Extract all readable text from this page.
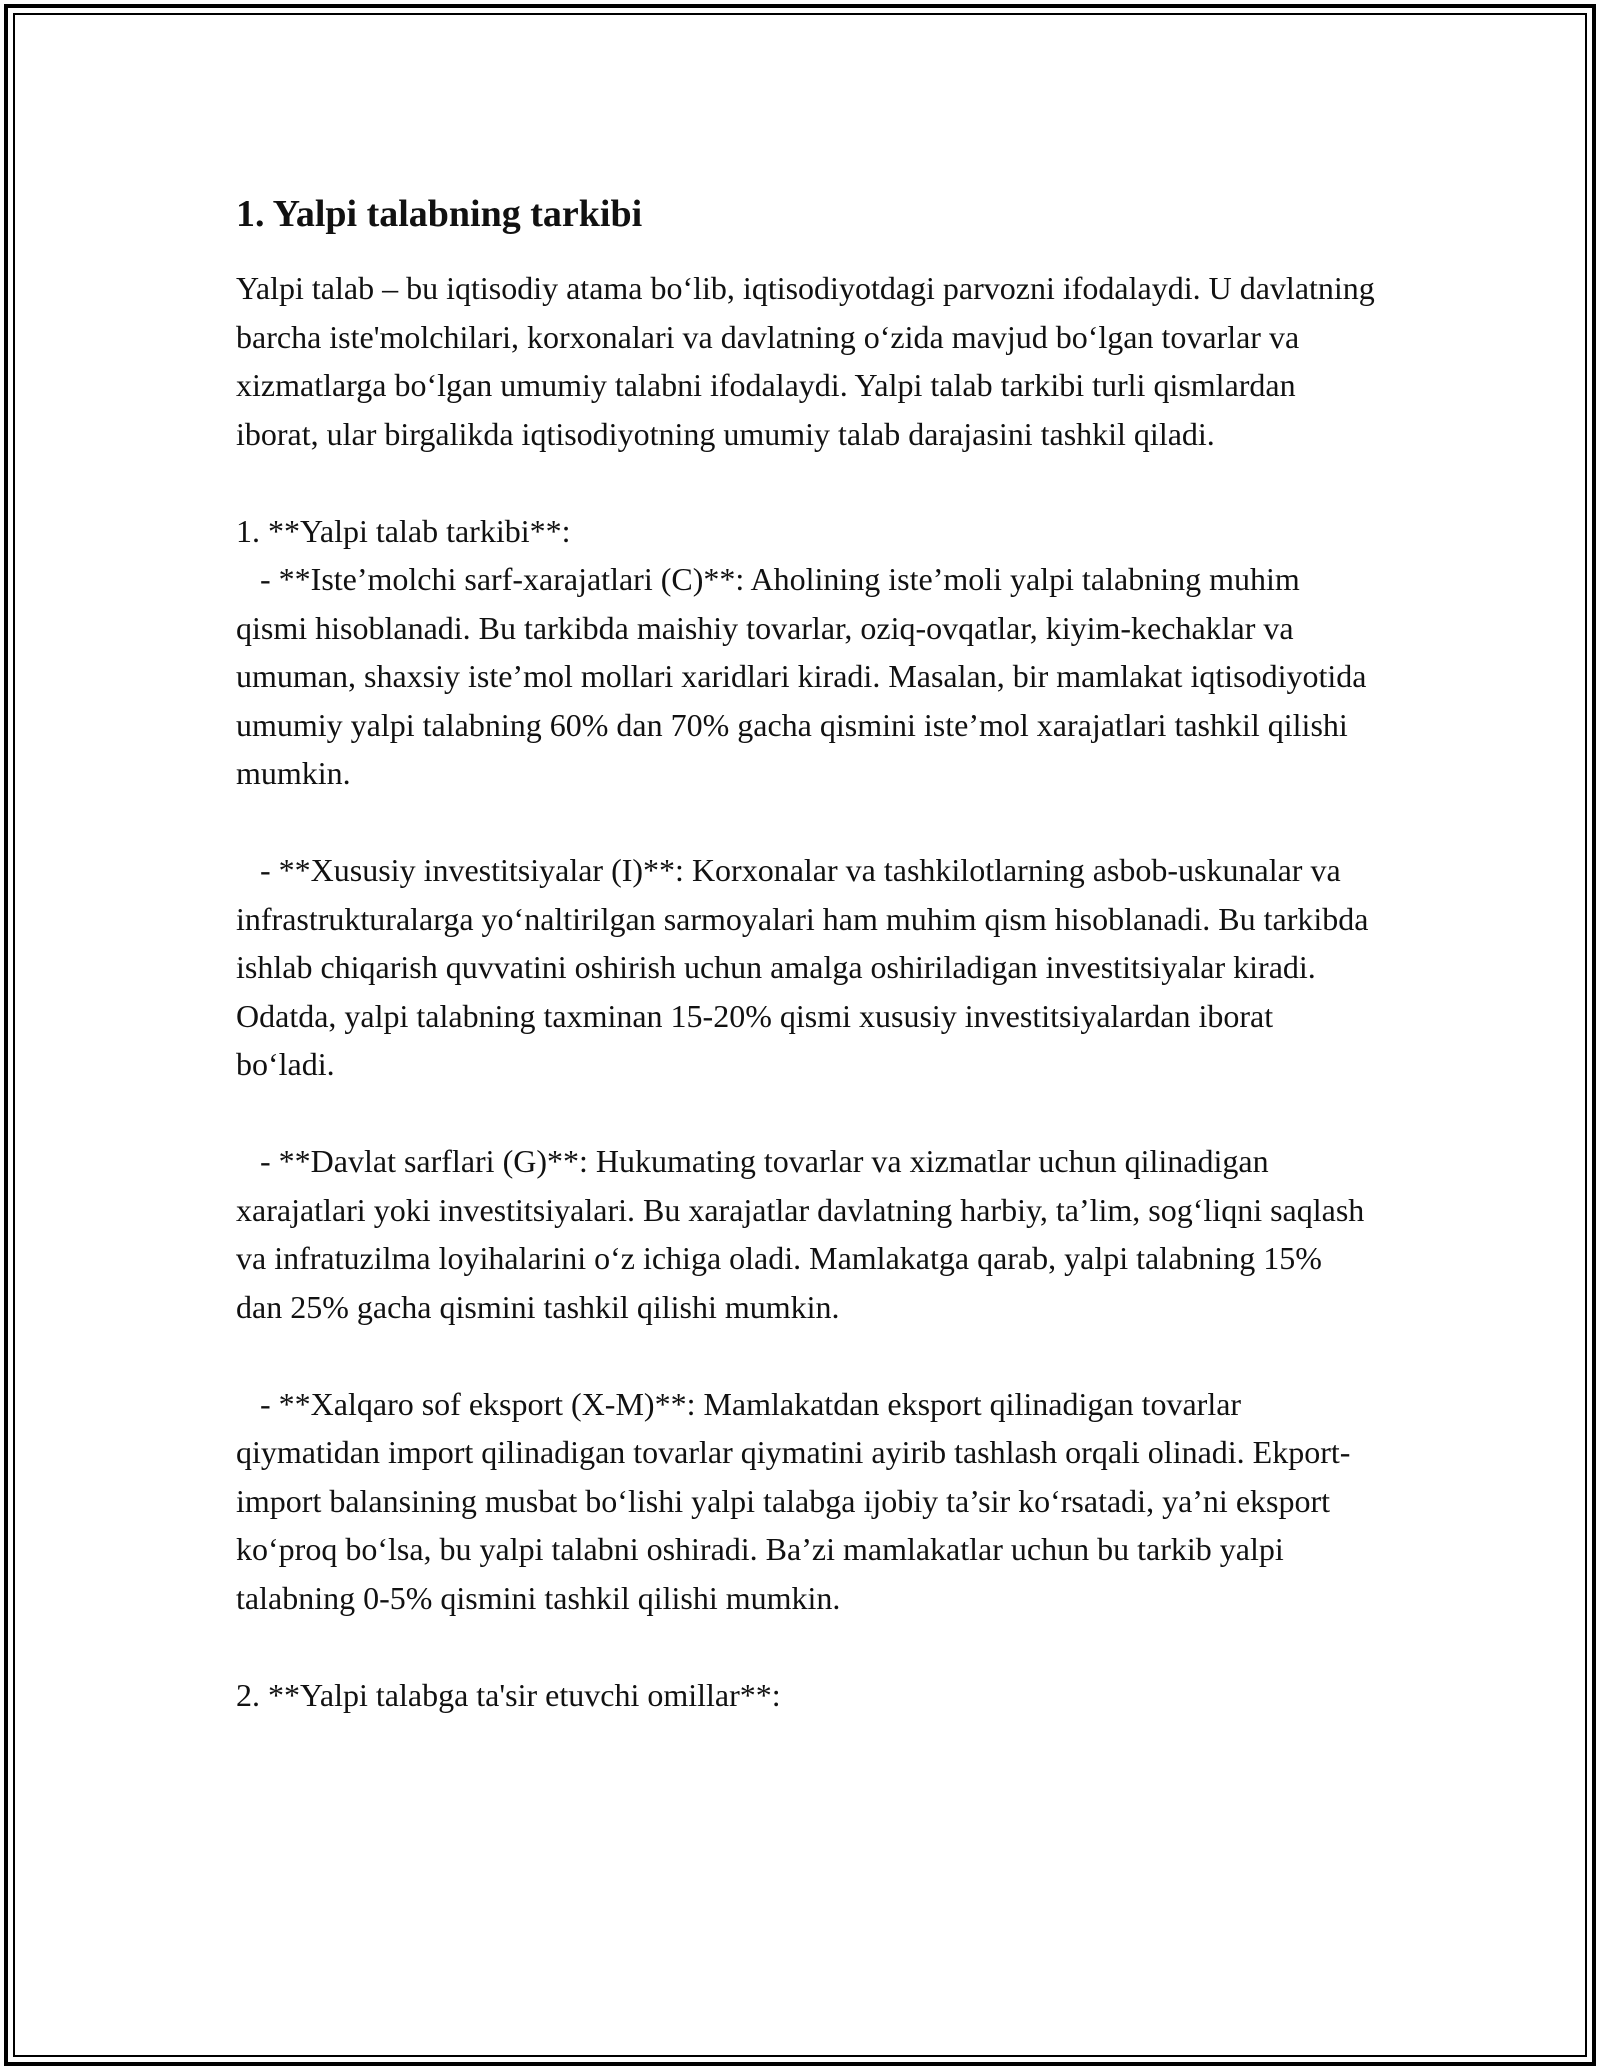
1. Yalpi talabning tarkibi

Yalpi talab – bu iqtisodiy atama bo‘lib, iqtisodiyotdagi parvozni ifodalaydi. U davlatning barcha iste'molchilari, korxonalari va davlatning o‘zida mavjud bo‘lgan tovarlar va xizmatlarga bo‘lgan umumiy talabni ifodalaydi. Yalpi talab tarkibi turli qismlardan iborat, ular birgalikda iqtisodiyotning umumiy talab darajasini tashkil qiladi.

1. **Yalpi talab tarkibi**:

- **Iste’molchi sarf-xarajatlari (C)**: Aholining iste’moli yalpi talabning muhim qismi hisoblanadi. Bu tarkibda maishiy tovarlar, oziq-ovqatlar, kiyim-kechaklar va umuman, shaxsiy iste’mol mollari xaridlari kiradi. Masalan, bir mamlakat iqtisodiyotida umumiy yalpi talabning 60% dan 70% gacha qismini iste’mol xarajatlari tashkil qilishi mumkin.

- **Xususiy investitsiyalar (I)**: Korxonalar va tashkilotlarning asbob-uskunalar va infrastrukturalarga yo‘naltirilgan sarmoyalari ham muhim qism hisoblanadi. Bu tarkibda ishlab chiqarish quvvatini oshirish uchun amalga oshiriladigan investitsiyalar kiradi. Odatda, yalpi talabning taxminan 15-20% qismi xususiy investitsiyalardan iborat bo‘ladi.

- **Davlat sarflari (G)**: Hukumating tovarlar va xizmatlar uchun qilinadigan xarajatlari yoki investitsiyalari. Bu xarajatlar davlatning harbiy, ta’lim, sog‘liqni saqlash va infratuzilma loyihalarini o‘z ichiga oladi. Mamlakatga qarab, yalpi talabning 15% dan 25% gacha qismini tashkil qilishi mumkin.

- **Xalqaro sof eksport (X-M)**: Mamlakatdan eksport qilinadigan tovarlar qiymatidan import qilinadigan tovarlar qiymatini ayirib tashlash orqali olinadi. Ekport-import balansining musbat bo‘lishi yalpi talabga ijobiy ta’sir ko‘rsatadi, ya’ni eksport ko‘proq bo‘lsa, bu yalpi talabni oshiradi. Ba’zi mamlakatlar uchun bu tarkib yalpi talabning 0-5% qismini tashkil qilishi mumkin.

2. **Yalpi talabga ta'sir etuvchi omillar**:
